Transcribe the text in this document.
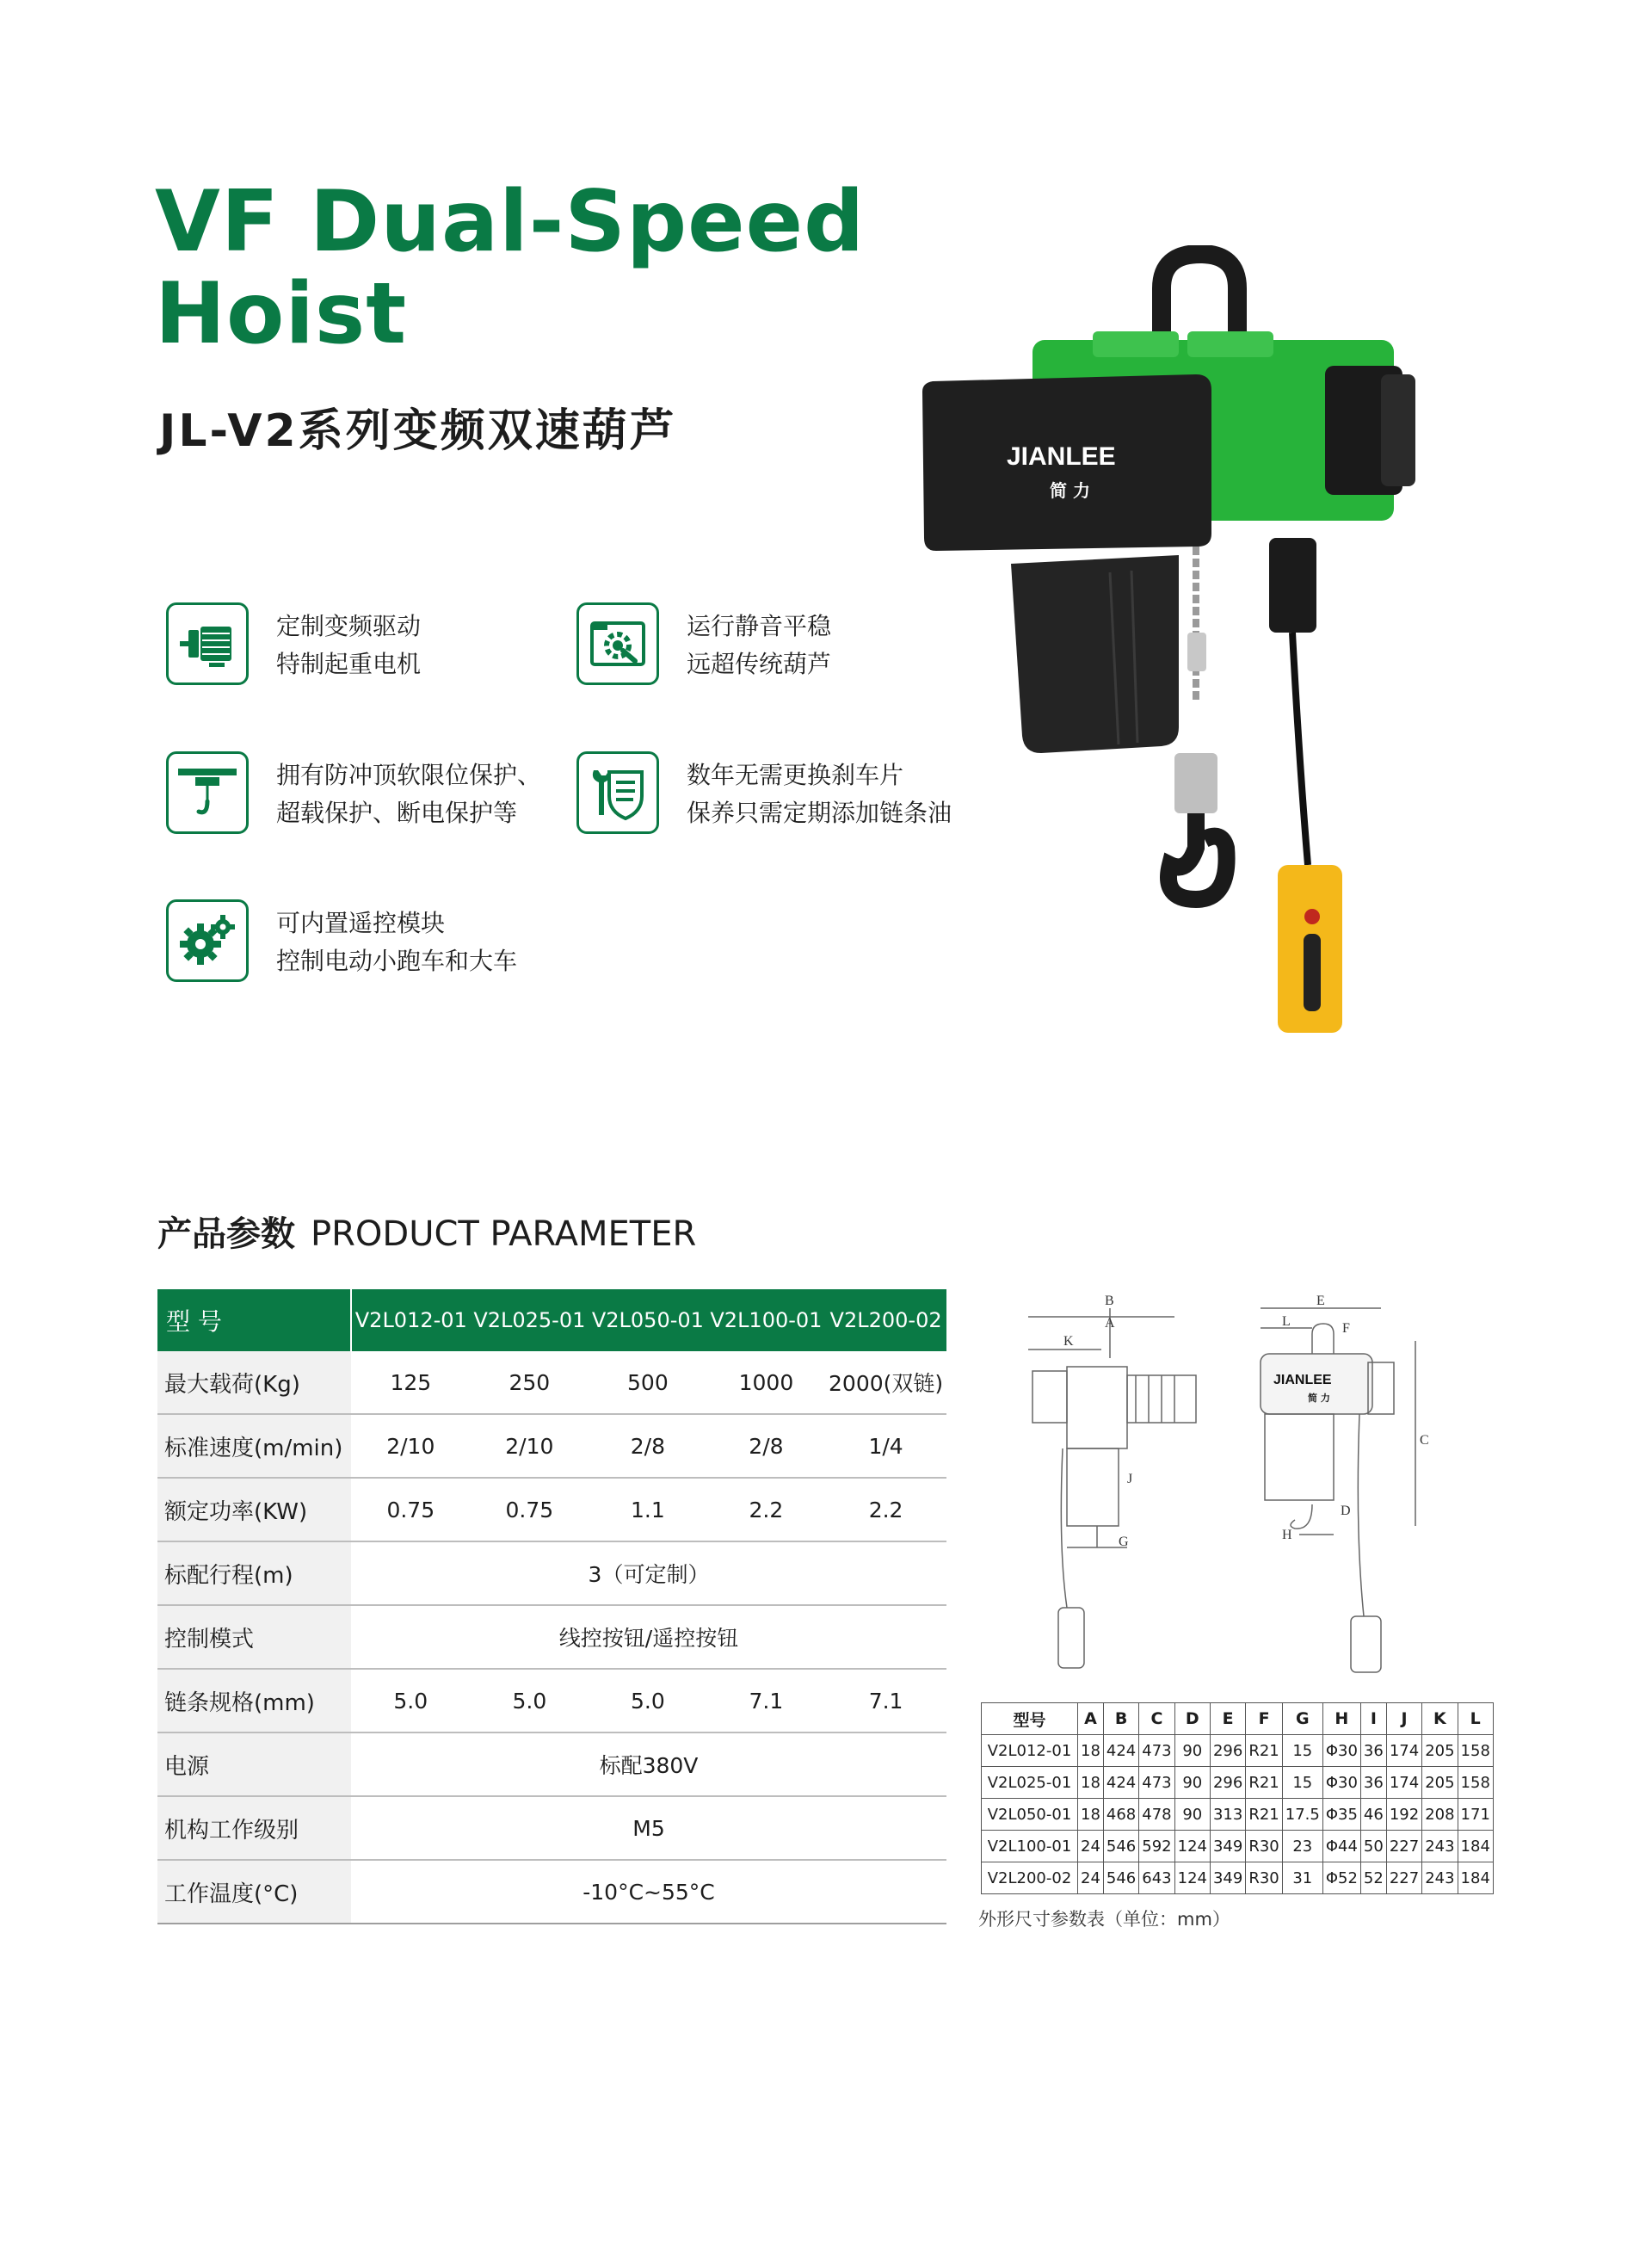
VF Dual-Speed
Hoist
JL-V2系列变频双速葫芦
定制变频驱动
特制起重电机
运行静音平稳
远超传统葫芦
拥有防冲顶软限位保护、
超载保护、断电保护等
数年无需更换刹车片
保养只需定期添加链条油
可内置遥控模块
控制电动小跑车和大车
JIANLEE
简 力
产品参数 PRODUCT PARAMETER
型 号	V2L012-01	V2L025-01	V2L050-01	V2L100-01	V2L200-02
最大载荷(Kg)	125	250	500	1000	2000(双链)
标准速度(m/min)	2/10	2/10	2/8	2/8	1/4
额定功率(KW)	0.75	0.75	1.1	2.2	2.2
标配行程(m)	3（可定制）				
控制模式	线控按钮/遥控按钮				
链条规格(mm)	5.0	5.0	5.0	7.1	7.1
电源	标配380V				
机构工作级别	M5				
工作温度(°C)	-10°C~55°C				
B
A
K
J
G
E
L	F
C
H
D
JIANLEE
简 力
型号	A	B	C	D	E	F	G	H	I	J	K	L
V2L012-01	18	424	473	90	296	R21	15	Φ30	36	174	205	158
V2L025-01	18	424	473	90	296	R21	15	Φ30	36	174	205	158
V2L050-01	18	468	478	90	313	R21	17.5	Φ35	46	192	208	171
V2L100-01	24	546	592	124	349	R30	23	Φ44	50	227	243	184
V2L200-02	24	546	643	124	349	R30	31	Φ52	52	227	243	184
外形尺寸参数表（单位：mm）
